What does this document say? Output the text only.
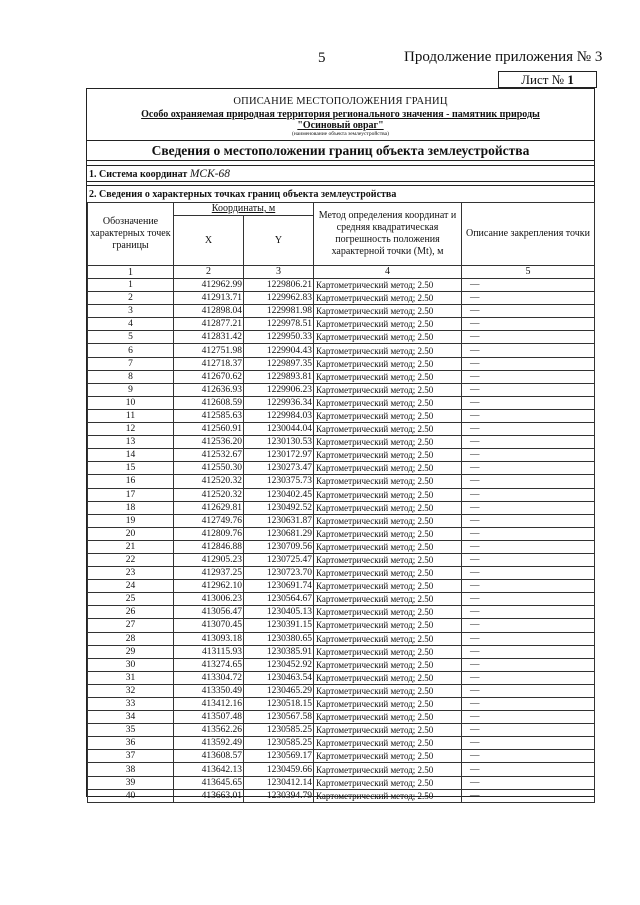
5	Продолжение приложения № 3
Лист № 1
ОПИСАНИЕ МЕСТОПОЛОЖЕНИЯ ГРАНИЦ
Особо охраняемая природная территория регионального значения - памятник природы
"Осиновый овраг"
(наименование объекта землеустройства)
Сведения о местоположении границ объекта землеустройства
1. Система координат МСК-68
2. Сведения о характерных точках границ объекта землеустройства
Обозначение характерных точек границы	Координаты, м		Метод определения координат и средняя квадратическая погрешность положения характерной точки (Mt), м	Описание закрепления точки
	X	Y		
1	2	3	4	5
1	412962.99	1229806.21	Картометрический метод; 2.50	—
2	412913.71	1229962.83	Картометрический метод; 2.50	—
3	412898.04	1229981.98	Картометрический метод; 2.50	—
4	412877.21	1229978.51	Картометрический метод; 2.50	—
5	412831.42	1229950.33	Картометрический метод; 2.50	—
6	412751.98	1229904.43	Картометрический метод; 2.50	—
7	412718.37	1229897.35	Картометрический метод; 2.50	—
8	412670.62	1229893.81	Картометрический метод; 2.50	—
9	412636.93	1229906.23	Картометрический метод; 2.50	—
10	412608.59	1229936.34	Картометрический метод; 2.50	—
11	412585.63	1229984.03	Картометрический метод; 2.50	—
12	412560.91	1230044.04	Картометрический метод; 2.50	—
13	412536.20	1230130.53	Картометрический метод; 2.50	—
14	412532.67	1230172.97	Картометрический метод; 2.50	—
15	412550.30	1230273.47	Картометрический метод; 2.50	—
16	412520.32	1230375.73	Картометрический метод; 2.50	—
17	412520.32	1230402.45	Картометрический метод; 2.50	—
18	412629.81	1230492.52	Картометрический метод; 2.50	—
19	412749.76	1230631.87	Картометрический метод; 2.50	—
20	412809.76	1230681.29	Картометрический метод; 2.50	—
21	412846.88	1230709.56	Картометрический метод; 2.50	—
22	412905.23	1230725.47	Картометрический метод; 2.50	—
23	412937.25	1230723.70	Картометрический метод; 2.50	—
24	412962.10	1230691.74	Картометрический метод; 2.50	—
25	413006.23	1230564.67	Картометрический метод; 2.50	—
26	413056.47	1230405.13	Картометрический метод; 2.50	—
27	413070.45	1230391.15	Картометрический метод; 2.50	—
28	413093.18	1230380.65	Картометрический метод; 2.50	—
29	413115.93	1230385.91	Картометрический метод; 2.50	—
30	413274.65	1230452.92	Картометрический метод; 2.50	—
31	413304.72	1230463.54	Картометрический метод; 2.50	—
32	413350.49	1230465.29	Картометрический метод; 2.50	—
33	413412.16	1230518.15	Картометрический метод; 2.50	—
34	413507.48	1230567.58	Картометрический метод; 2.50	—
35	413562.26	1230585.25	Картометрический метод; 2.50	—
36	413592.49	1230585.25	Картометрический метод; 2.50	—
37	413608.57	1230569.17	Картометрический метод; 2.50	—
38	413642.13	1230459.66	Картометрический метод; 2.50	—
39	413645.65	1230412.14	Картометрический метод; 2.50	—
40	413663.01	1230394.79	Картометрический метод; 2.50	—
